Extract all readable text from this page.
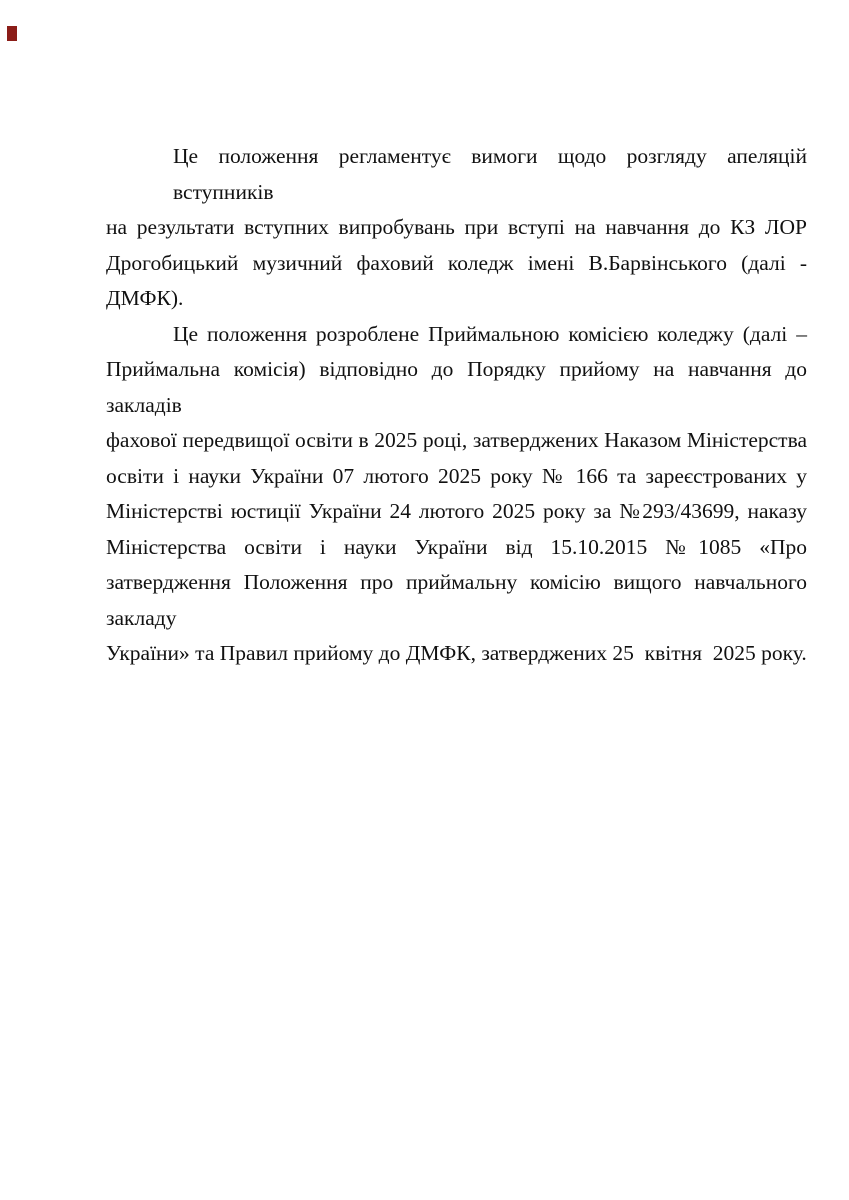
Це положення регламентує вимоги щодо розгляду апеляцій вступників
на результати вступних випробувань при вступі на навчання до КЗ ЛОР
Дрогобицький музичний фаховий коледж імені В.Барвінського (далі -
ДМФК).
Це положення розроблене Приймальною комісією коледжу (далі –
Приймальна комісія) відповідно до Порядку прийому на навчання до закладів
фахової передвищої освіти в 2025 році, затверджених Наказом Міністерства
освіти і науки України 07 лютого 2025 року № 166 та зареєстрованих у
Міністерстві юстиції України 24 лютого 2025 року за №293/43699, наказу
Міністерства освіти і науки України від 15.10.2015 №1085 «Про
затвердження Положення про приймальну комісію вищого навчального закладу
України» та Правил прийому до ДМФК, затверджених 25  квітня  2025 року.
